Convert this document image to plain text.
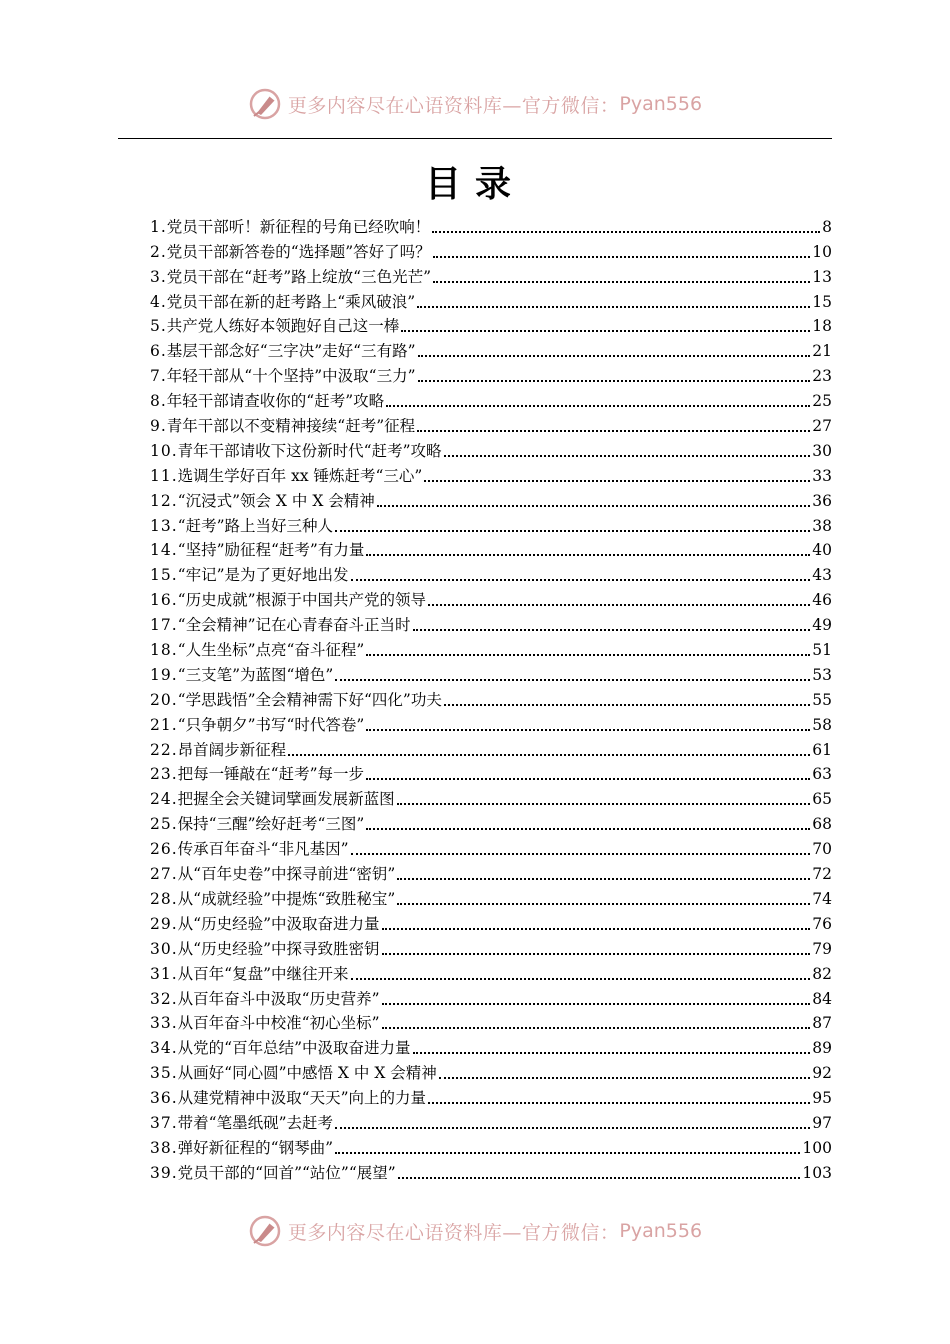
更多内容尽在心语资料库—官方微信： Pyan556
目录
1. 党员干部听！新征程的号角已经吹响！	8
2. 党员干部新答卷的“选择题”答好了吗？	10
3. 党员干部在“赶考”路上绽放“三色光芒”	13
4. 党员干部在新的赶考路上“乘风破浪”	15
5. 共产党人练好本领跑好自己这一棒	18
6. 基层干部念好“三字决”走好“三有路”	21
7. 年轻干部从“十个坚持”中汲取“三力”	23
8. 年轻干部请查收你的“赶考”攻略	25
9. 青年干部以不变精神接续“赶考”征程	27
10. 青年干部请收下这份新时代“赶考”攻略	30
11. 选调生学好百年 xx 锤炼赶考“三心”	33
12. “沉浸式”领会 X 中 X 会精神	36
13. “赶考”路上当好三种人	38
14. “坚持”励征程“赶考”有力量	40
15. “牢记”是为了更好地出发	43
16. “历史成就”根源于中国共产党的领导	46
17. “全会精神”记在心青春奋斗正当时	49
18. “人生坐标”点亮“奋斗征程”	51
19. “三支笔”为蓝图“增色”	53
20. “学思践悟”全会精神需下好“四化”功夫	55
21. “只争朝夕”书写“时代答卷”	58
22. 昂首阔步新征程	61
23. 把每一锤敲在“赶考”每一步	63
24. 把握全会关键词擘画发展新蓝图	65
25. 保持“三醒”绘好赶考“三图”	68
26. 传承百年奋斗“非凡基因”	70
27. 从“百年史卷”中探寻前进“密钥”	72
28. 从“成就经验”中提炼“致胜秘宝”	74
29. 从“历史经验”中汲取奋进力量	76
30. 从“历史经验”中探寻致胜密钥	79
31. 从百年“复盘”中继往开来	82
32. 从百年奋斗中汲取“历史营养”	84
33. 从百年奋斗中校准“初心坐标”	87
34. 从党的“百年总结”中汲取奋进力量	89
35. 从画好“同心圆”中感悟 X 中 X 会精神	92
36. 从建党精神中汲取“天天”向上的力量	95
37. 带着“笔墨纸砚”去赶考	97
38. 弹好新征程的“钢琴曲”	100
39. 党员干部的“回首”“站位”“展望”	103
更多内容尽在心语资料库—官方微信： Pyan556
